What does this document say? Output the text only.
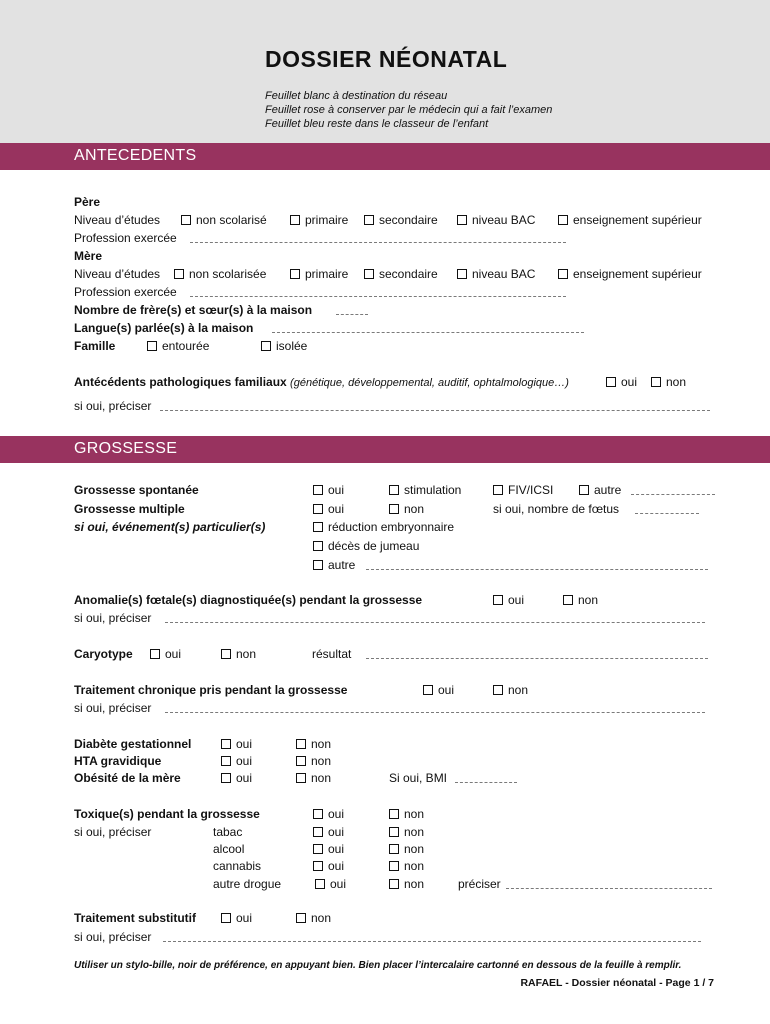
DOSSIER NÉONATAL
Feuillet blanc à destination du réseau
Feuillet rose à conserver par le médecin qui a fait l’examen
Feuillet bleu reste dans le classeur de l’enfant
ANTECEDENTS
Père
Niveau d’études	non scolarisé	primaire	secondaire	niveau BAC	enseignement supérieur
Profession exercée
Mère
Niveau d’études	non scolarisée	primaire	secondaire	niveau BAC	enseignement supérieur
Profession exercée
Nombre de frère(s) et sœur(s) à la maison
Langue(s) parlée(s) à la maison
Famille	entourée	isolée
Antécédents pathologiques familiaux (génétique, développemental, auditif, ophtalmologique…)	oui	non
si oui, préciser
GROSSESSE
Grossesse spontanée	oui	stimulation	FIV/ICSI	autre
Grossesse multiple	oui	non	si oui, nombre de fœtus
si oui, événement(s) particulier(s)	réduction embryonnaire
décès de jumeau
autre
Anomalie(s) fœtale(s) diagnostiquée(s) pendant la grossesse	oui	non
si oui, préciser
Caryotype	oui	non	résultat
Traitement chronique pris pendant la grossesse	oui	non
si oui, préciser
Diabète gestationnel	oui	non
HTA gravidique	oui	non
Obésité de la mère	oui	non	Si oui, BMI
Toxique(s) pendant la grossesse	oui	non
si oui, préciser	tabac	oui	non
alcool	oui	non
cannabis	oui	non
autre drogue	oui	non	préciser
Traitement substitutif	oui	non
si oui, préciser
Utiliser un stylo-bille, noir de préférence, en appuyant bien. Bien placer l’intercalaire cartonné en dessous de la feuille à remplir.
RAFAEL - Dossier néonatal - Page 1 / 7
